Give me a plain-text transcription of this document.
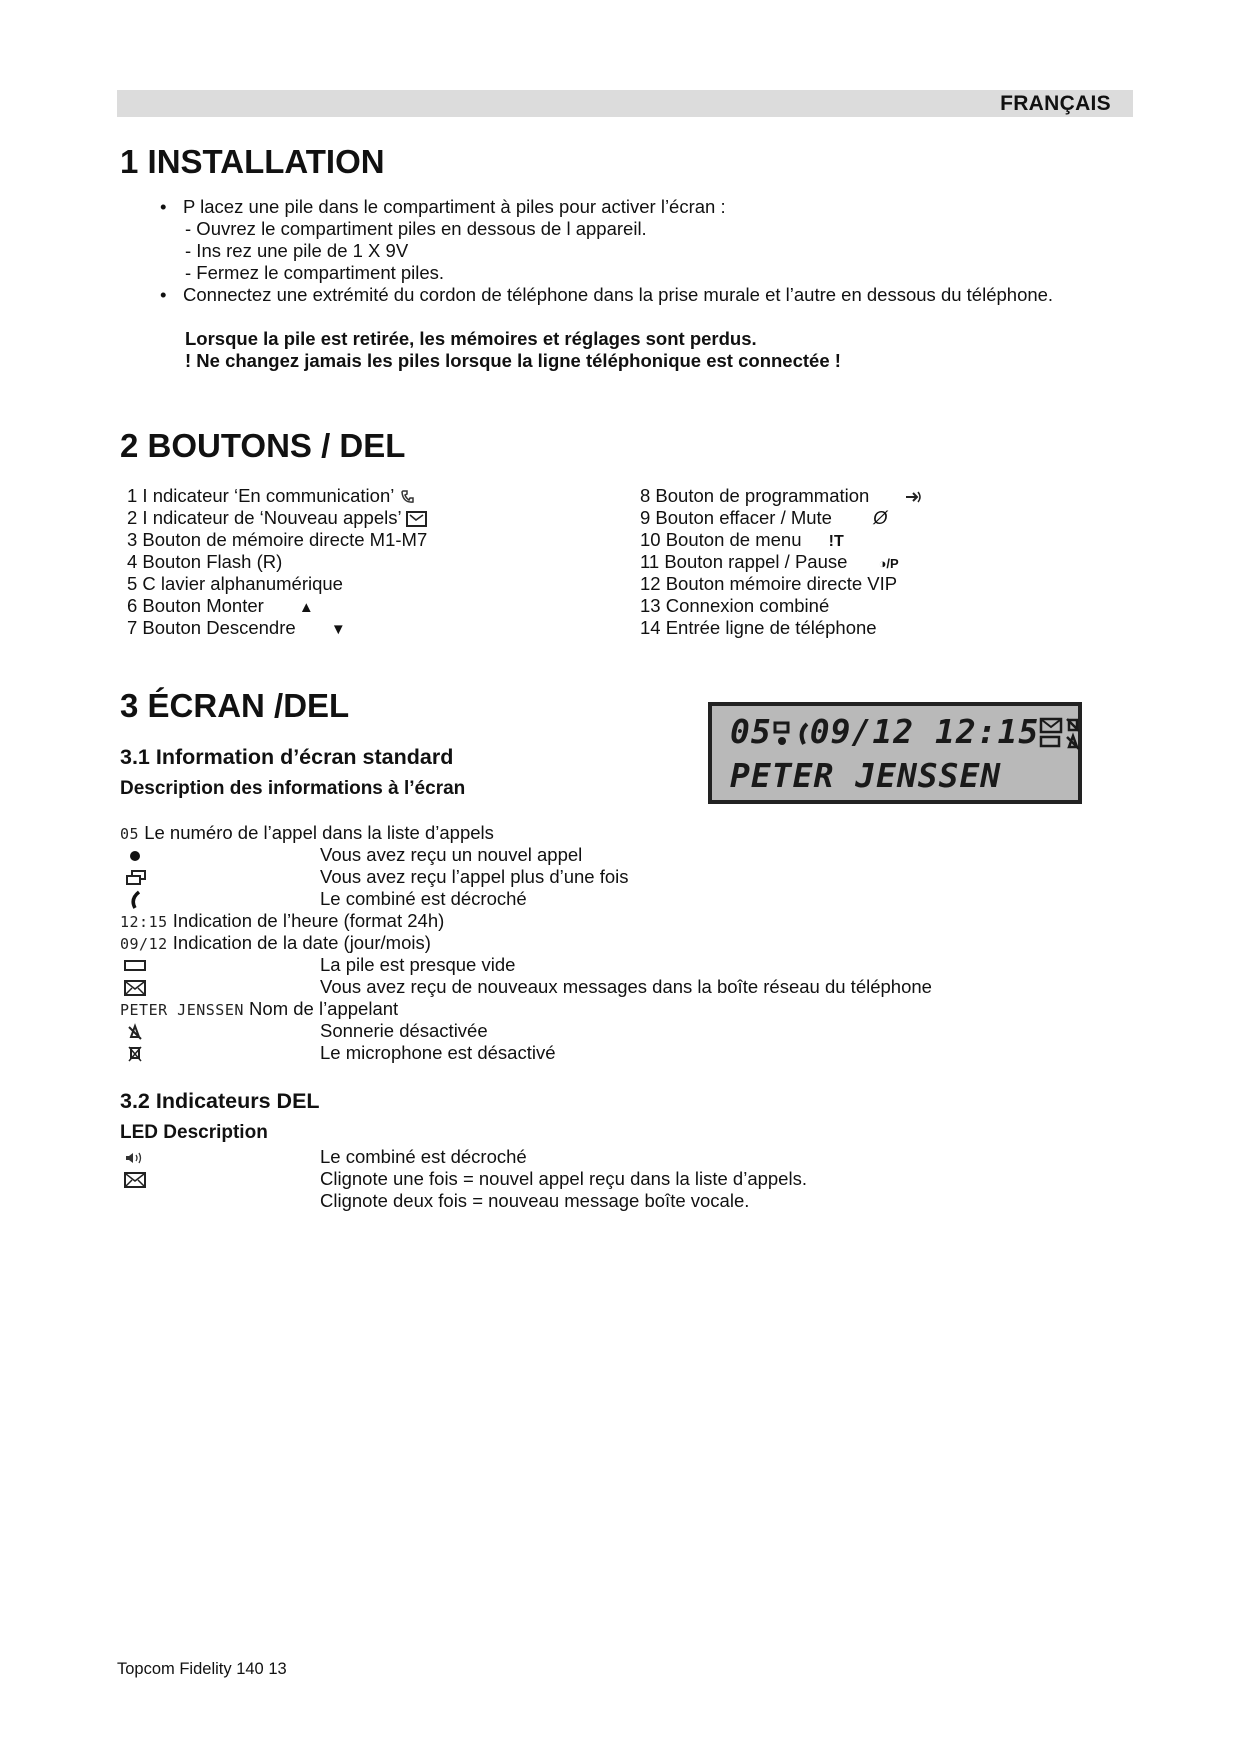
FRANÇAIS
1 INSTALLATION
• P lacez une pile dans le compartiment à piles pour activer l’écran :
- Ouvrez le compartiment piles en dessous de l appareil.
- Ins rez une pile de 1 X 9V
- Fermez le compartiment piles.
• Connectez une extrémité du cordon de téléphone dans la prise murale et l’autre en dessous du téléphone.
Lorsque la pile est retirée, les mémoires et réglages sont perdus.
! Ne changez jamais les piles lorsque la ligne téléphonique est connectée !
2 BOUTONS / DEL
1 I ndicateur ‘En communication’
2 I ndicateur de ‘Nouveau appels’
3 Bouton de mémoire directe M1-M7
4 Bouton Flash (R)
5 C lavier alphanumérique
6 Bouton Monter ▲
7 Bouton Descendre ▼
8 Bouton de programmation
9 Bouton effacer / Mute Ø
10 Bouton de menu ǃT
11 Bouton rappel / Pause ◑/P
12 Bouton mémoire directe VIP
13 Connexion combiné
14 Entrée ligne de téléphone
3 ÉCRAN /DEL
05 09/12 12:15
PETER JENSSEN
3.1 Information d’écran standard
Description des informations à l’écran
05 Le numéro de l’appel dans la liste d’appels
Vous avez reçu un nouvel appel
Vous avez reçu l’appel plus d’une fois
Le combiné est décroché
12:15 Indication de l’heure (format 24h)
09/12 Indication de la date (jour/mois)
La pile est presque vide
Vous avez reçu de nouveaux messages dans la boîte réseau du téléphone
PETER JENSSEN Nom de l’appelant
Sonnerie désactivée
Le microphone est désactivé
3.2 Indicateurs DEL
LED Description
Le combiné est décroché
Clignote une fois = nouvel appel reçu dans la liste d’appels.
Clignote deux fois = nouveau message boîte vocale.
Topcom Fidelity 140 13
